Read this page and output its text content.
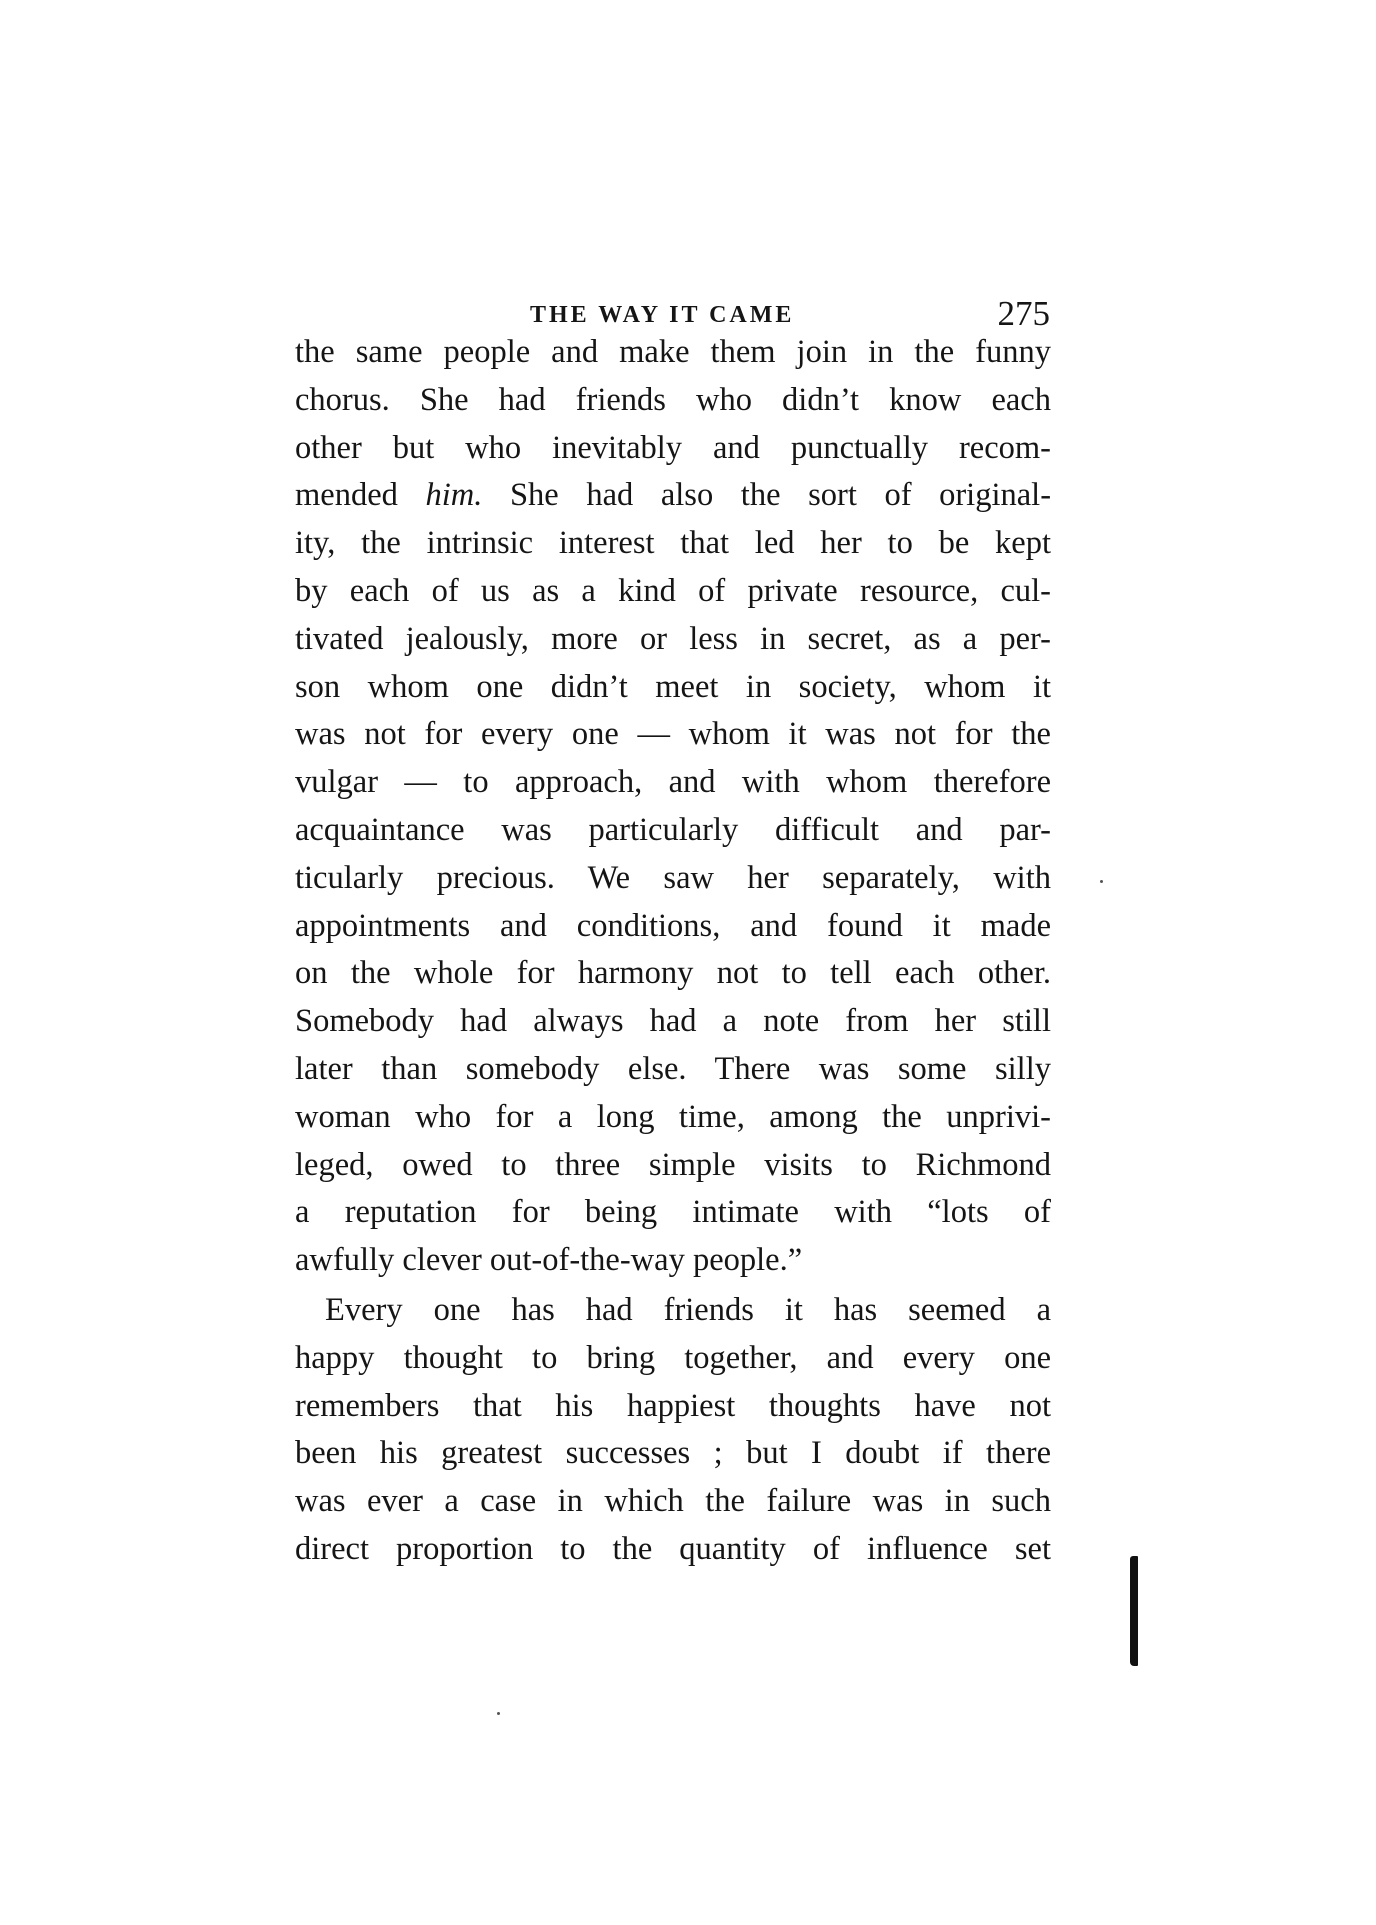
THE WAY IT CAME	275
the same people and make them join in the funny
chorus. She had friends who didn’t know each
other but who inevitably and punctually recom-
mended him. She had also the sort of original-
ity, the intrinsic interest that led her to be kept
by each of us as a kind of private resource, cul-
tivated jealously, more or less in secret, as a per-
son whom one didn’t meet in society, whom it
was not for every one — whom it was not for the
vulgar — to approach, and with whom therefore
acquaintance was particularly difficult and par-
ticularly precious. We saw her separately, with
appointments and conditions, and found it made
on the whole for harmony not to tell each other.
Somebody had always had a note from her still
later than somebody else. There was some silly
woman who for a long time, among the unprivi-
leged, owed to three simple visits to Richmond
a reputation for being intimate with “lots of
awfully clever out-of-the-way people.”
Every one has had friends it has seemed a
happy thought to bring together, and every one
remembers that his happiest thoughts have not
been his greatest successes ; but I doubt if there
was ever a case in which the failure was in such
direct proportion to the quantity of influence set
